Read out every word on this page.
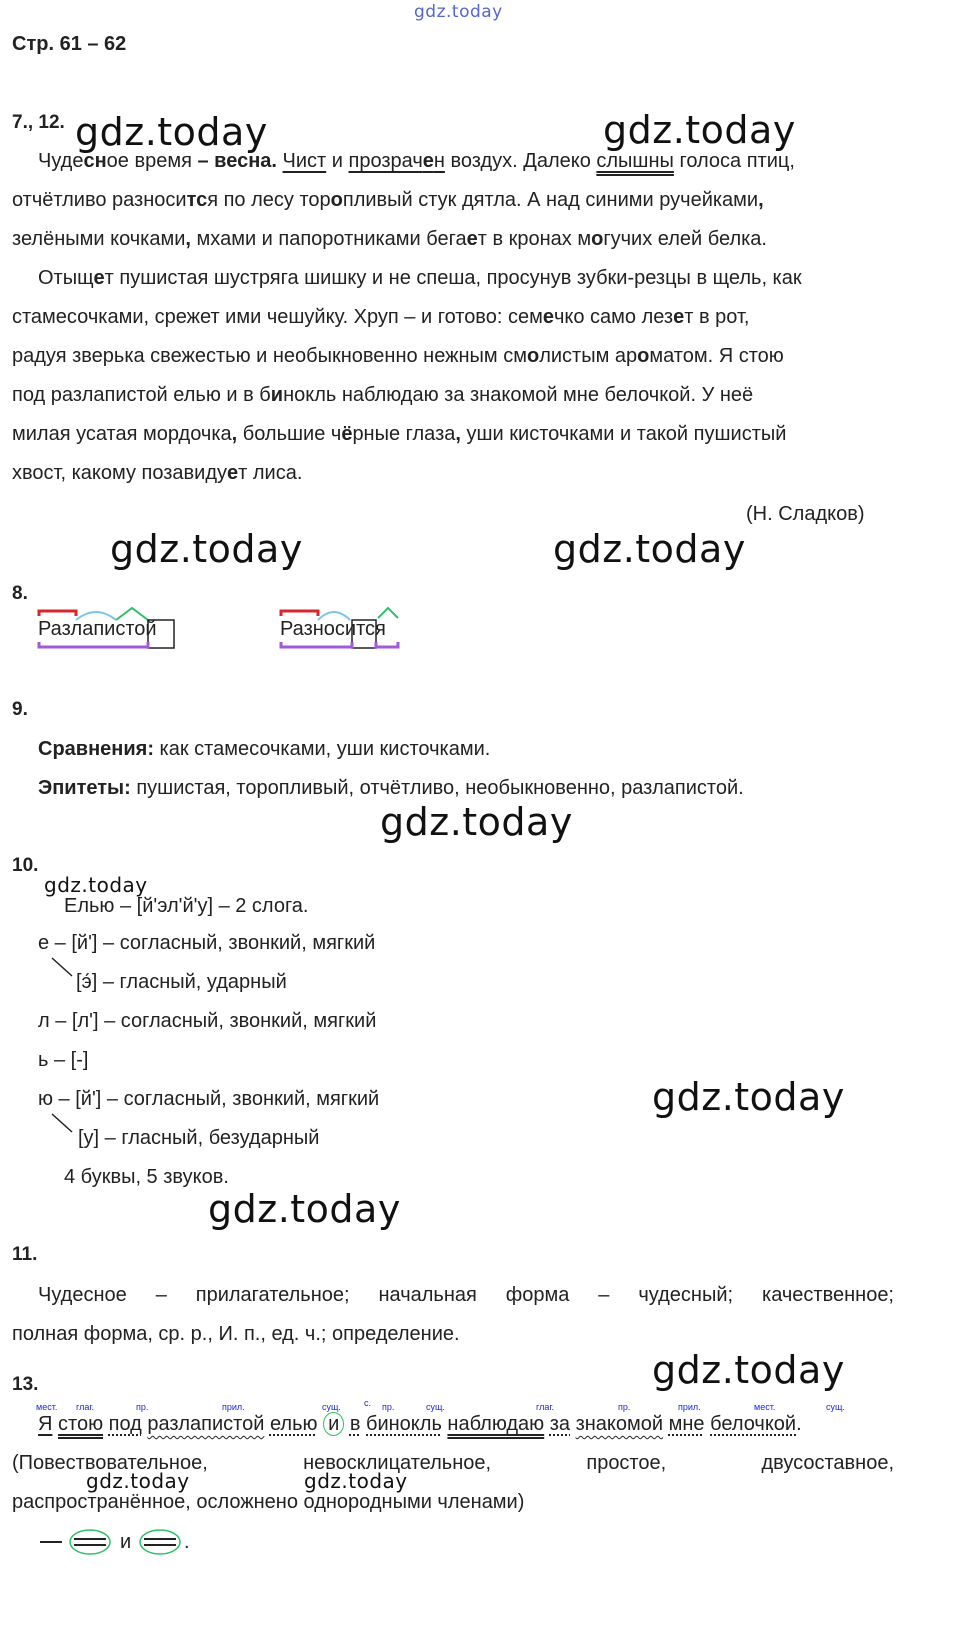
gdz.today
gdz.today	gdz.today
gdz.today	gdz.today
gdz.today
gdz.today
gdz.today
gdz.today
gdz.today
gdz.today	gdz.today
Стр. 61 – 62
7., 12.
Чудесное время – весна. Чист и прозрачен воздух. Далеко слышны голоса птиц,
отчётливо разносится по лесу торопливый стук дятла. А над синими ручейками,
зелёными кочками, мхами и папоротниками бегает в кронах могучих елей белка.
Отыщет пушистая шустряга шишку и не спеша, просунув зубки-резцы в щель, как
стамесочками, срежет ими чешуйку. Хруп – и готово: семечко само лезет в рот,
радуя зверька свежестью и необыкновенно нежным смолистым ароматом. Я стою
под разлапистой елью и в бинокль наблюдаю за знакомой мне белочкой. У неё
милая усатая мордочка, большие чёрные глаза, уши кисточками и такой пушистый
хвост, какому позавидует лиса.
(Н. Сладков)
8.
Разлапистой	Разносится
9.
Сравнения: как стамесочками, уши кисточками.
Эпитеты: пушистая, торопливый, отчётливо, необыкновенно, разлапистой.
10.
Елью – [й'эл'й'у] – 2 слога.
е – [й'] – согласный, звонкий, мягкий
[э́] – гласный, ударный
л – [л'] – согласный, звонкий, мягкий
ь – [-]
ю – [й'] – согласный, звонкий, мягкий
[у] – гласный, безударный
4 буквы, 5 звуков.
11.
Чудесное – прилагательное; начальная форма – чудесный; качественное;
полная форма, ср. р., И. п., ед. ч.; определение.
13.
мест. глаг.	пр.	прил.	сущ.	с. пр.	сущ.	глаг.	пр.	прил.	мест.	сущ.
Я стою под разлапистой елью и в бинокль наблюдаю за знакомой мне белочкой.
(Повествовательное,	невосклицательное,	простое,	двусоставное,
распространённое, осложнено однородными членами)
и	.
